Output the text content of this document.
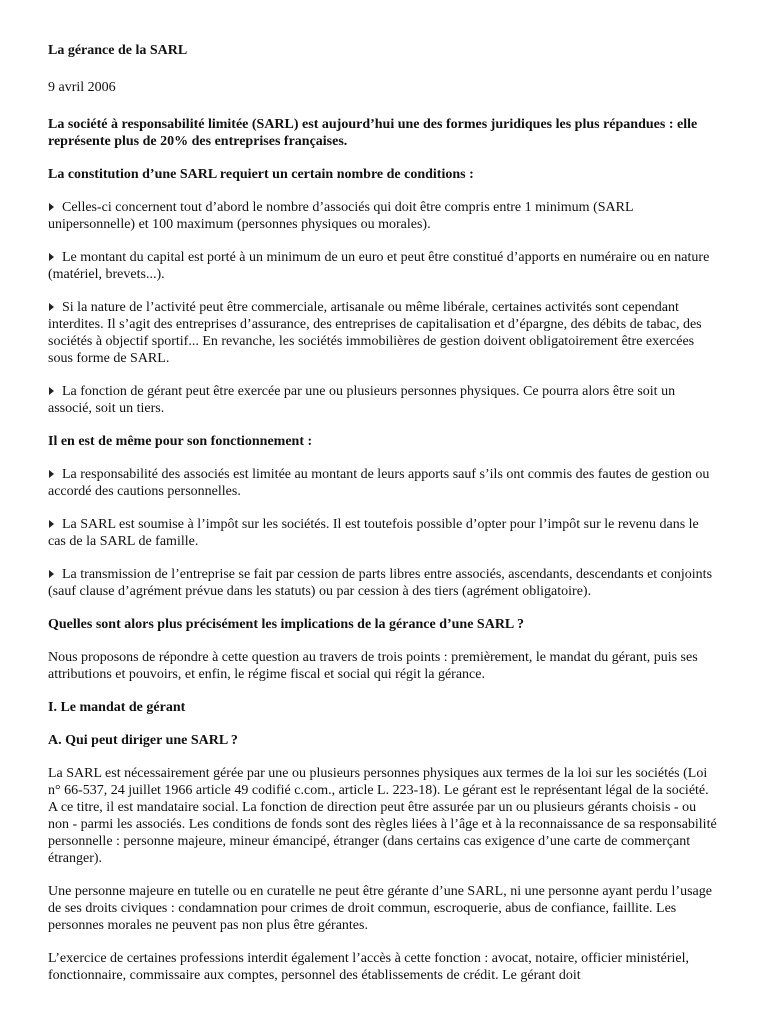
La gérance de la SARL

9 avril 2006

La société à responsabilité limitée (SARL) est aujourd’hui une des formes juridiques les plus répandues : elle représente plus de 20% des entreprises françaises.

La constitution d’une SARL requiert un certain nombre de conditions :

Celles-ci concernent tout d’abord le nombre d’associés qui doit être compris entre 1 minimum (SARL unipersonnelle) et 100 maximum (personnes physiques ou morales).

Le montant du capital est porté à un minimum de un euro et peut être constitué d’apports en numéraire ou en nature (matériel, brevets...).

Si la nature de l’activité peut être commerciale, artisanale ou même libérale, certaines activités sont cependant interdites. Il s’agit des entreprises d’assurance, des entreprises de capitalisation et d’épargne, des débits de tabac, des sociétés à objectif sportif... En revanche, les sociétés immobilières de gestion doivent obligatoirement être exercées sous forme de SARL.

La fonction de gérant peut être exercée par une ou plusieurs personnes physiques. Ce pourra alors être soit un associé, soit un tiers.

Il en est de même pour son fonctionnement :

La responsabilité des associés est limitée au montant de leurs apports sauf s’ils ont commis des fautes de gestion ou accordé des cautions personnelles.

La SARL est soumise à l’impôt sur les sociétés. Il est toutefois possible d’opter pour l’impôt sur le revenu dans le cas de la SARL de famille.

La transmission de l’entreprise se fait par cession de parts libres entre associés, ascendants, descendants et conjoints (sauf clause d’agrément prévue dans les statuts) ou par cession à des tiers (agrément obligatoire).

Quelles sont alors plus précisément les implications de la gérance d’une SARL ?

Nous proposons de répondre à cette question au travers de trois points : premièrement, le mandat du gérant, puis ses attributions et pouvoirs, et enfin, le régime fiscal et social qui régit la gérance.

I. Le mandat de gérant

A. Qui peut diriger une SARL ?

La SARL est nécessairement gérée par une ou plusieurs personnes physiques aux termes de la loi sur les sociétés (Loi n° 66-537, 24 juillet 1966 article 49 codifié c.com., article L. 223-18). Le gérant est le représentant légal de la société. A ce titre, il est mandataire social. La fonction de direction peut être assurée par un ou plusieurs gérants choisis - ou non - parmi les associés. Les conditions de fonds sont des règles liées à l’âge et à la reconnaissance de sa responsabilité personnelle : personne majeure, mineur émancipé, étranger (dans certains cas exigence d’une carte de commerçant étranger).

Une personne majeure en tutelle ou en curatelle ne peut être gérante d’une SARL, ni une personne ayant perdu l’usage de ses droits civiques : condamnation pour crimes de droit commun, escroquerie, abus de confiance, faillite. Les personnes morales ne peuvent pas non plus être gérantes.

L’exercice de certaines professions interdit également l’accès à cette fonction : avocat, notaire, officier ministériel, fonctionnaire, commissaire aux comptes, personnel des établissements de crédit. Le gérant doit
